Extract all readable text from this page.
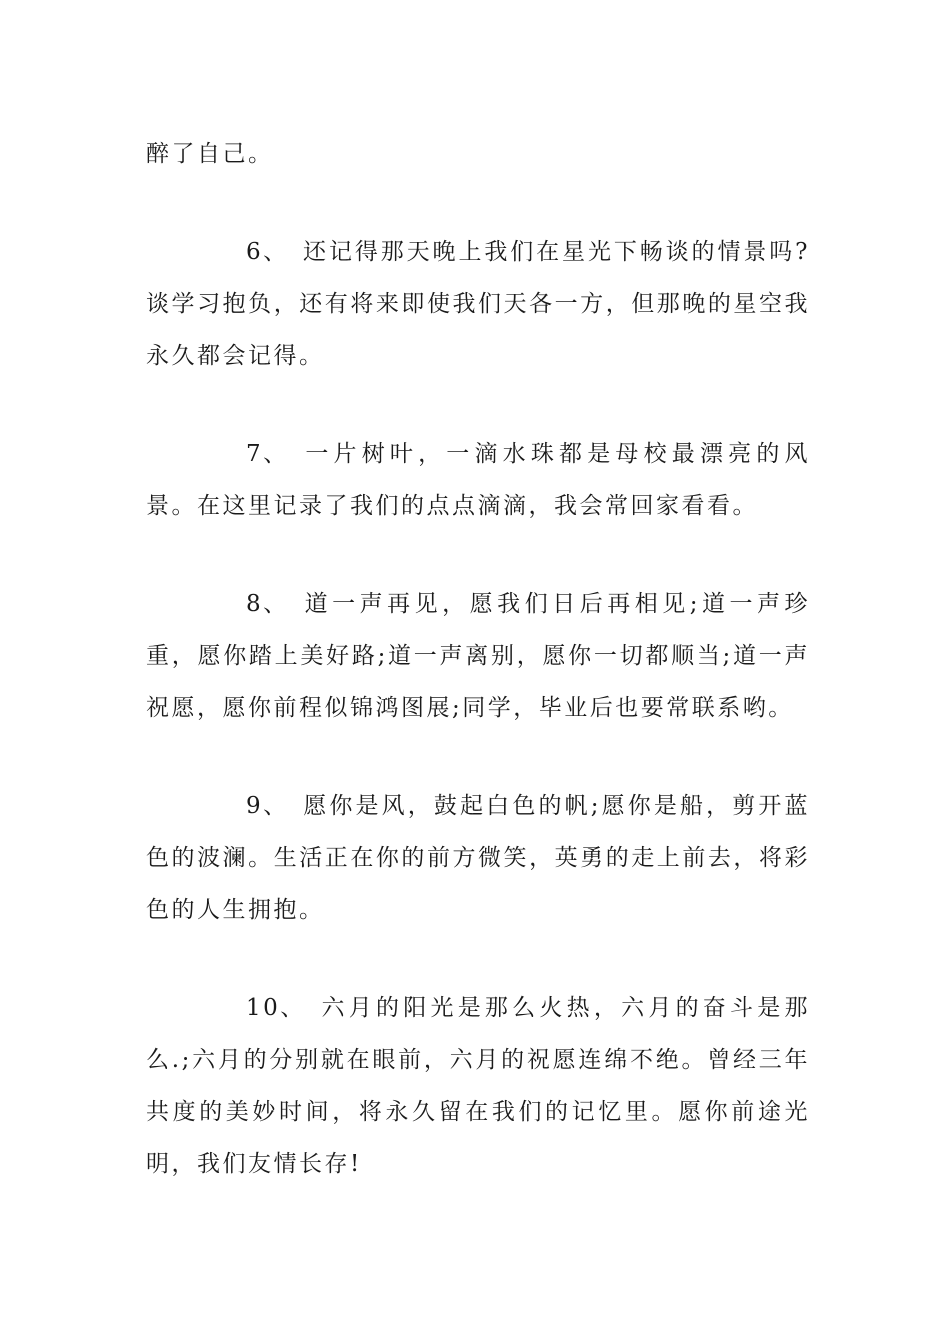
醉了自己。

6、 还记得那天晚上我们在星光下畅谈的情景吗?谈学习抱负，还有将来即使我们天各一方，但那晚的星空我永久都会记得。

7、 一片树叶，一滴水珠都是母校最漂亮的风景。在这里记录了我们的点点滴滴，我会常回家看看。

8、 道一声再见，愿我们日后再相见;道一声珍重，愿你踏上美好路;道一声离别，愿你一切都顺当;道一声祝愿，愿你前程似锦鸿图展;同学，毕业后也要常联系哟。

9、 愿你是风，鼓起白色的帆;愿你是船，剪开蓝色的波澜。生活正在你的前方微笑，英勇的走上前去，将彩色的人生拥抱。

10、 六月的阳光是那么火热，六月的奋斗是那么.;六月的分别就在眼前，六月的祝愿连绵不绝。曾经三年共度的美妙时间，将永久留在我们的记忆里。愿你前途光明，我们友情长存!
